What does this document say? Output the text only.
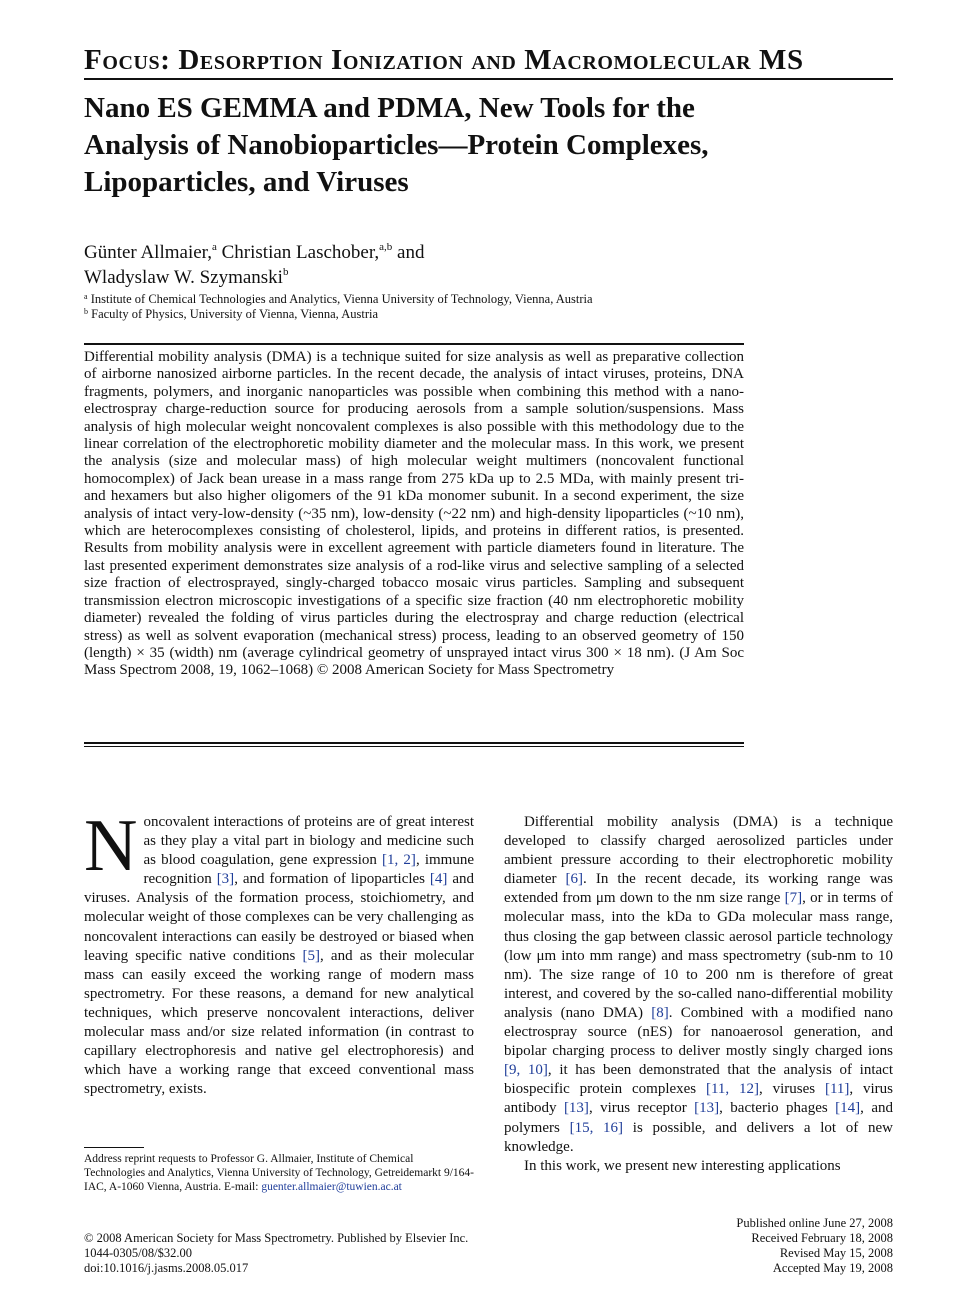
Focus: Desorption Ionization and Macromolecular MS
Nano ES GEMMA and PDMA, New Tools for the Analysis of Nanobioparticles—Protein Complexes, Lipoparticles, and Viruses
Günter Allmaier,$^a$ Christian Laschober,$^{a,b}$ and
Wladyslaw W. Szymanski$^b$
$^a$ Institute of Chemical Technologies and Analytics, Vienna University of Technology, Vienna, Austria
$^b$ Faculty of Physics, University of Vienna, Vienna, Austria
Differential mobility analysis (DMA) is a technique suited for size analysis as well as preparative collection of airborne nanosized airborne particles. In the recent decade, the analysis of intact viruses, proteins, DNA fragments, polymers, and inorganic nanoparticles was possible when combining this method with a nano-electrospray charge-reduction source for producing aerosols from a sample solution/suspensions. Mass analysis of high molecular weight noncovalent complexes is also possible with this methodology due to the linear correlation of the electrophoretic mobility diameter and the molecular mass. In this work, we present the analysis (size and molecular mass) of high molecular weight multimers (noncovalent functional homocomplex) of Jack bean urease in a mass range from 275 kDa up to 2.5 MDa, with mainly present tri- and hexamers but also higher oligomers of the 91 kDa monomer subunit. In a second experiment, the size analysis of intact very-low-density (~35 nm), low-density (~22 nm) and high-density lipoparticles (~10 nm), which are heterocomplexes consisting of cholesterol, lipids, and proteins in different ratios, is presented. Results from mobility analysis were in excellent agreement with particle diameters found in literature. The last presented experiment demonstrates size analysis of a rod-like virus and selective sampling of a selected size fraction of electrosprayed, singly-charged tobacco mosaic virus particles. Sampling and subsequent transmission electron microscopic investigations of a specific size fraction (40 nm electrophoretic mobility diameter) revealed the folding of virus particles during the electrospray and charge reduction (electrical stress) as well as solvent evaporation (mechanical stress) process, leading to an observed geometry of 150 (length) × 35 (width) nm (average cylindrical geometry of unsprayed intact virus 300 × 18 nm). (J Am Soc Mass Spectrom 2008, 19, 1062–1068) © 2008 American Society for Mass Spectrometry

Noncovalent interactions of proteins are of great interest as they play a vital part in biology and medicine such as blood coagulation, gene expression [1, 2], immune recognition [3], and formation of lipoparticles [4] and viruses. Analysis of the formation process, stoichiometry, and molecular weight of those complexes can be very challenging as noncovalent interactions can easily be destroyed or biased when leaving specific native conditions [5], and as their molecular mass can easily exceed the working range of modern mass spectrometry. For these reasons, a demand for new analytical techniques, which preserve noncovalent interactions, deliver molecular mass and/or size related information (in contrast to capillary electrophoresis and native gel electrophoresis) and which have a working range that exceed conventional mass spectrometry, exists.

Differential mobility analysis (DMA) is a technique developed to classify charged aerosolized particles under ambient pressure according to their electrophoretic mobility diameter [6]. In the recent decade, its working range was extended from μm down to the nm size range [7], or in terms of molecular mass, into the kDa to GDa molecular mass range, thus closing the gap between classic aerosol particle technology (low μm into mm range) and mass spectrometry (sub-nm to 10 nm). The size range of 10 to 200 nm is therefore of great interest, and covered by the so-called nano-differential mobility analysis (nano DMA) [8]. Combined with a modified nano electrospray source (nES) for nanoaerosol generation, and bipolar charging process to deliver mostly singly charged ions [9, 10], it has been demonstrated that the analysis of intact biospecific protein complexes [11, 12], viruses [11], virus antibody [13], virus receptor [13], bacterio phages [14], and polymers [15, 16] is possible, and delivers a lot of new knowledge.

In this work, we present new interesting applications

Address reprint requests to Professor G. Allmaier, Institute of Chemical Technologies and Analytics, Vienna University of Technology, Getreidemarkt 9/164-IAC, A-1060 Vienna, Austria. E-mail: guenter.allmaier@tuwien.ac.at
© 2008 American Society for Mass Spectrometry. Published by Elsevier Inc.
1044-0305/08/$32.00
doi:10.1016/j.jasms.2008.05.017
Published online June 27, 2008
Received February 18, 2008
Revised May 15, 2008
Accepted May 19, 2008
